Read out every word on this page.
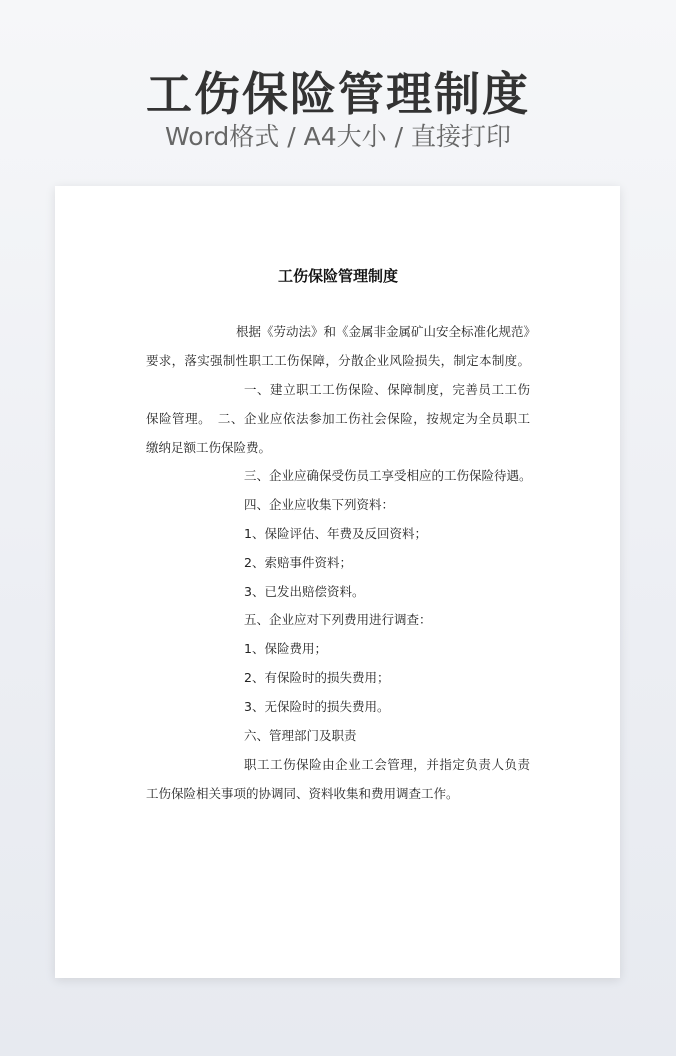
工伤保险管理制度
Word格式 / A4大小 / 直接打印
工伤保险管理制度
根据《劳动法》和《金属非金属矿山安全标准化规范》
要求，落实强制性职工工伤保障，分散企业风险损失，制定本制度。
一、建立职工工伤保险、保障制度，完善员工工伤
保险管理。　二、企业应依法参加工伤社会保险，按规定为全员职工
缴纳足额工伤保险费。
三、企业应确保受伤员工享受相应的工伤保险待遇。
四、企业应收集下列资料：
1、保险评估、年费及反回资料；
2、索赔事件资料；
3、已发出赔偿资料。
五、企业应对下列费用进行调查：
1、保险费用；
2、有保险时的损失费用；
3、无保险时的损失费用。
六、管理部门及职责
职工工伤保险由企业工会管理，并指定负责人负责
工伤保险相关事项的协调同、资料收集和费用调查工作。
